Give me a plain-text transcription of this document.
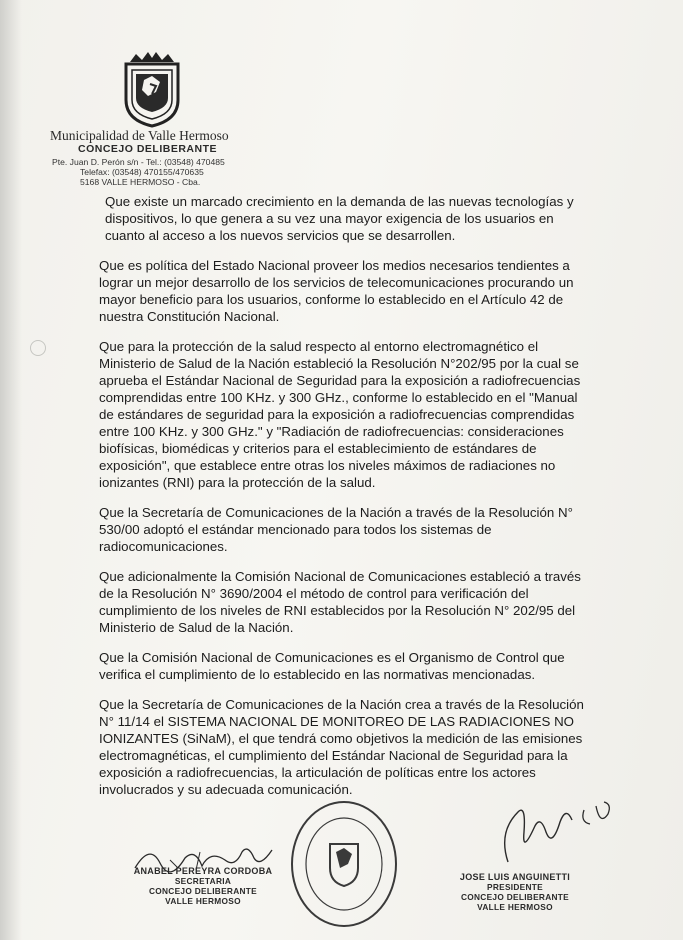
Municipalidad de Valle Hermoso
CONCEJO DELIBERANTE
Pte. Juan D. Perón s/n - Tel.: (03548) 470485
Telefax: (03548) 470155/470635
5168 VALLE HERMOSO - Cba.

Que existe un marcado crecimiento en la demanda de las nuevas tecnologías y dispositivos, lo que genera a su vez una mayor exigencia de los usuarios en cuanto al acceso a los nuevos servicios que se desarrollen.

Que es política del Estado Nacional proveer los medios necesarios tendientes a lograr un mejor desarrollo de los servicios de telecomunicaciones procurando un mayor beneficio para los usuarios, conforme lo establecido en el Artículo 42 de nuestra Constitución Nacional.

Que para la protección de la salud respecto al entorno electromagnético el Ministerio de Salud de la Nación estableció la Resolución N°202/95 por la cual se aprueba el Estándar Nacional de Seguridad para la exposición a radiofrecuencias comprendidas entre 100 KHz. y 300 GHz., conforme lo establecido en el "Manual de estándares de seguridad para la exposición a radiofrecuencias comprendidas entre 100 KHz. y 300 GHz." y "Radiación de radiofrecuencias: consideraciones biofísicas, biomédicas y criterios para el establecimiento de estándares de exposición", que establece entre otras los niveles máximos de radiaciones no ionizantes (RNI) para la protección de la salud.

Que la Secretaría de Comunicaciones de la Nación a través de la Resolución N° 530/00 adoptó el estándar mencionado para todos los sistemas de radiocomunicaciones.

Que adicionalmente la Comisión Nacional de Comunicaciones estableció a través de la Resolución N° 3690/2004 el método de control para verificación del cumplimiento de los niveles de RNI establecidos por la Resolución N° 202/95 del Ministerio de Salud de la Nación.

Que la Comisión Nacional de Comunicaciones es el Organismo de Control que verifica el cumplimiento de lo establecido en las normativas mencionadas.

Que la Secretaría de Comunicaciones de la Nación crea a través de la Resolución N° 11/14 el SISTEMA NACIONAL DE MONITOREO DE LAS RADIACIONES NO IONIZANTES (SiNaM), el que tendrá como objetivos la medición de las emisiones electromagnéticas, el cumplimiento del Estándar Nacional de Seguridad para la exposición a radiofrecuencias, la articulación de políticas entre los actores involucrados y su adecuada comunicación.

ANABEL PEREYRA CORDOBA
SECRETARIA
CONCEJO DELIBERANTE
VALLE HERMOSO
JOSE LUIS ANGUINETTI
PRESIDENTE
CONCEJO DELIBERANTE
VALLE HERMOSO
